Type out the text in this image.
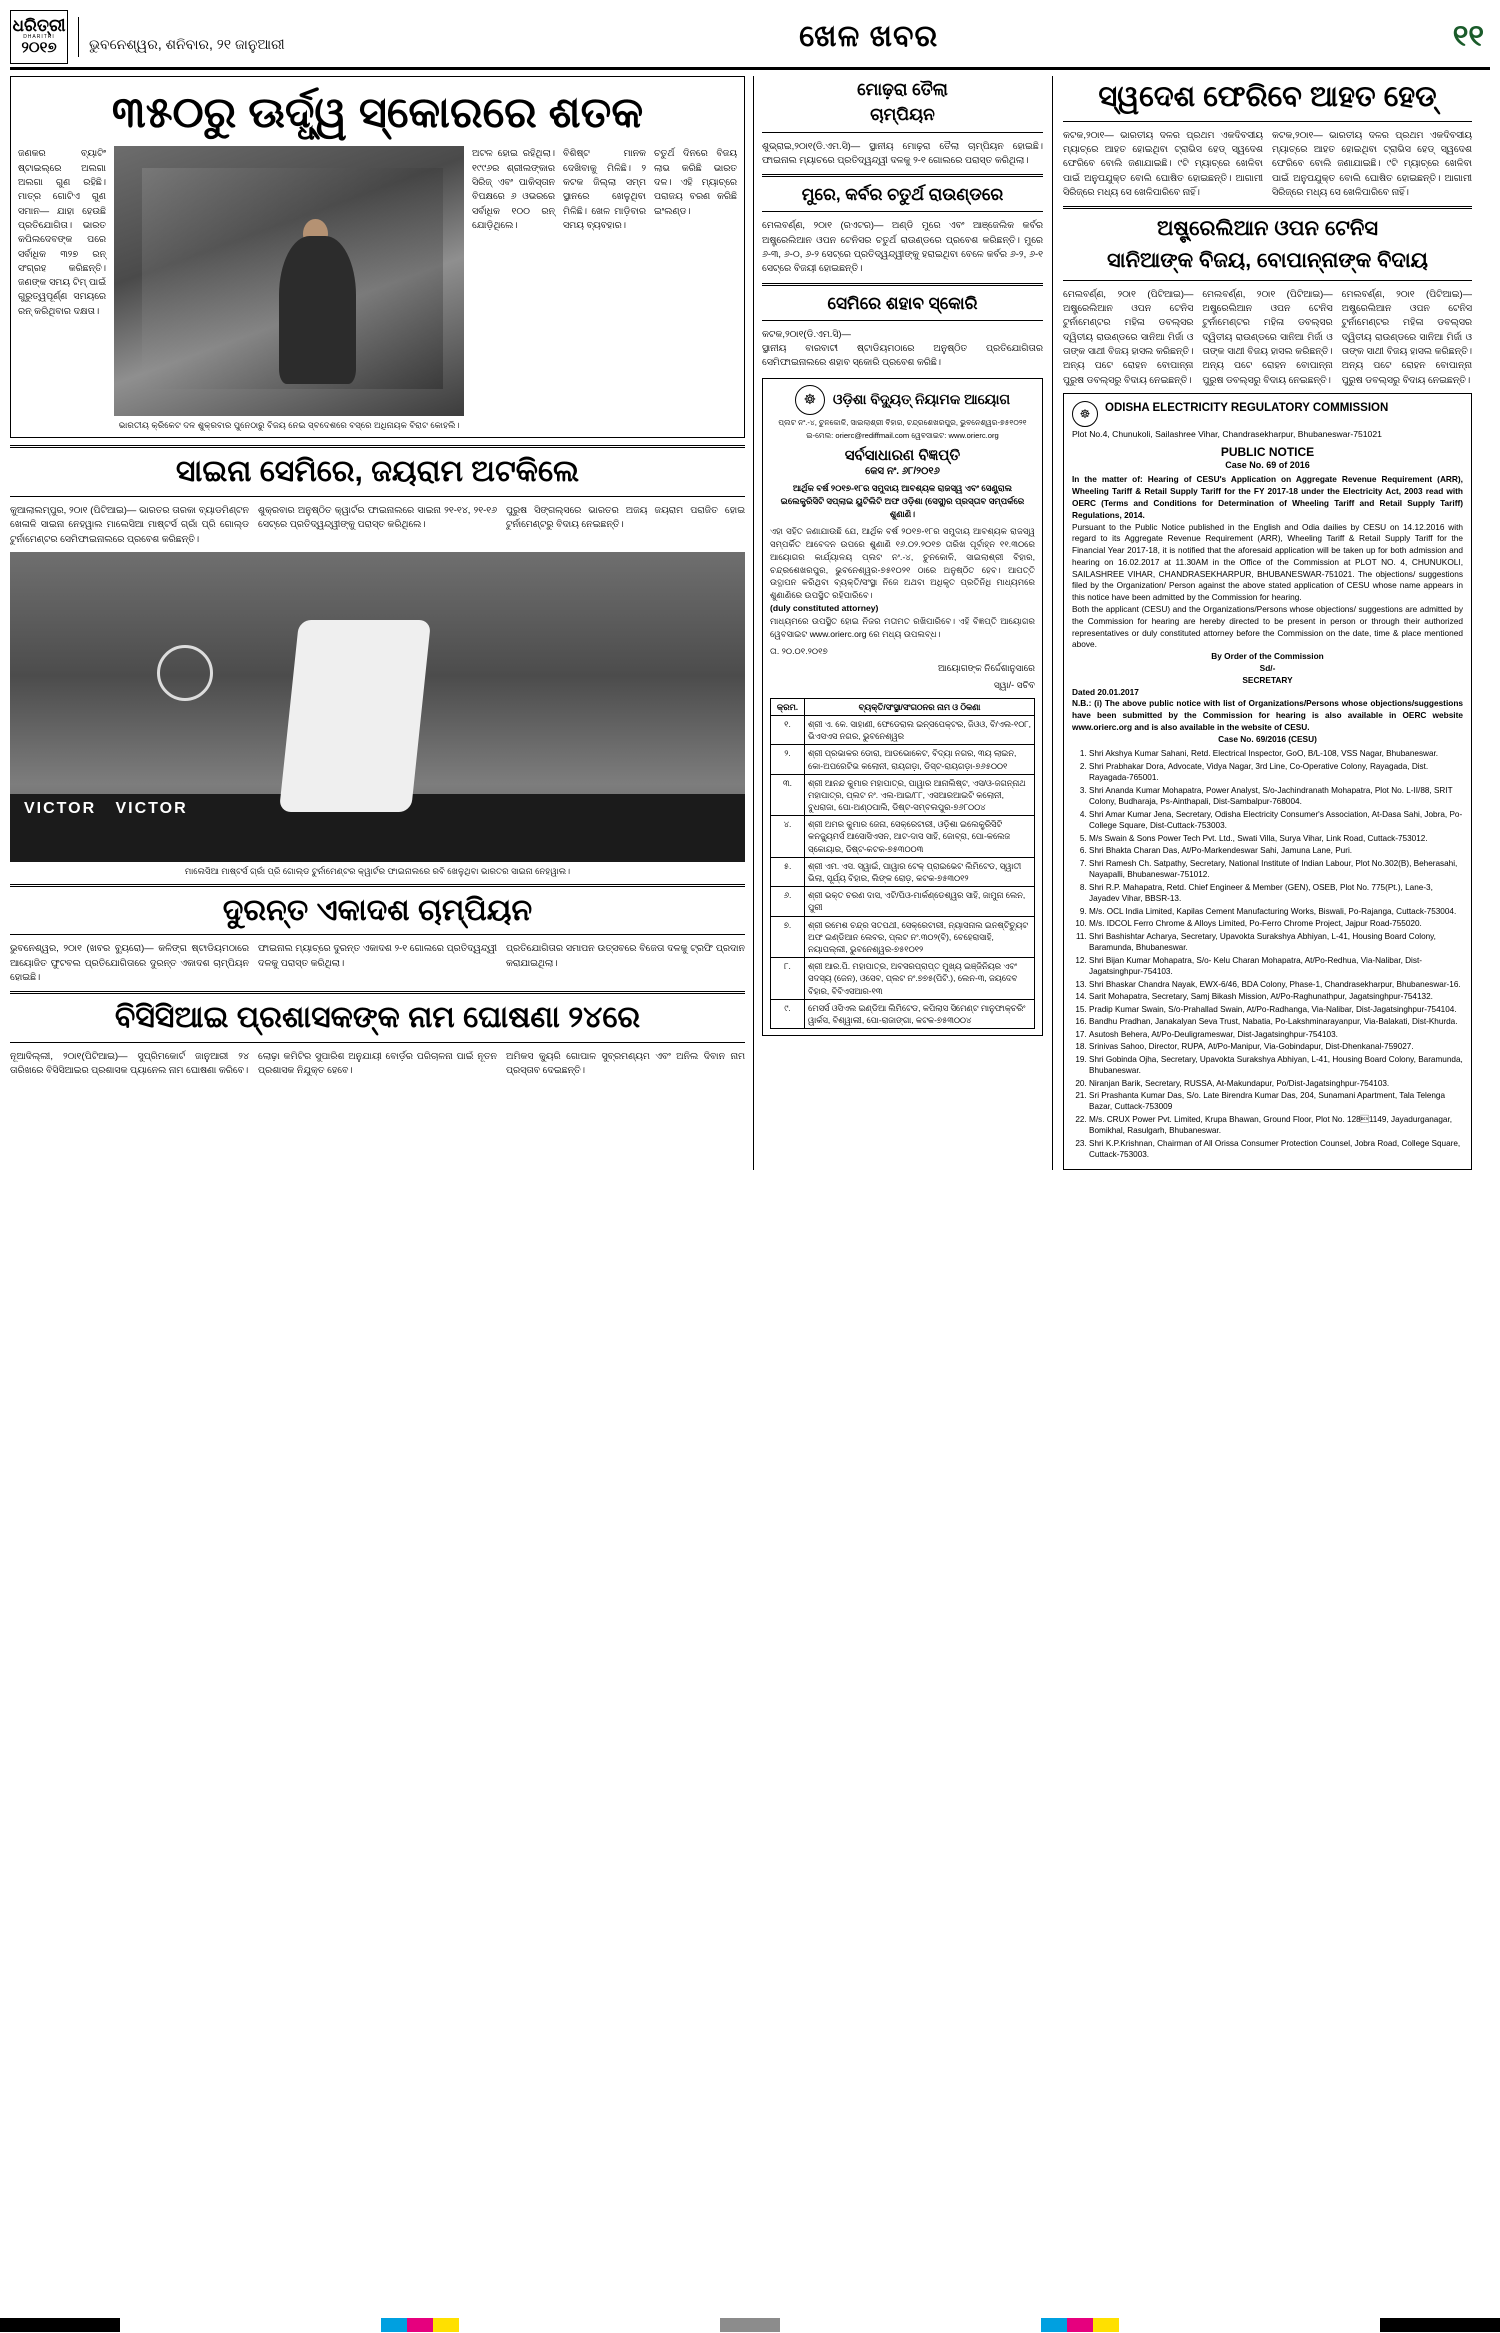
ଧରିତ୍ରୀ
DHARITRI
୨୦୧୭	ଭୁବନେଶ୍ୱର, ଶନିବାର, ୨୧ ଜାନୁଆରୀ	ଖେଳ ଖବର	୧୧
୩୫୦ରୁ ଊର୍ଦ୍ଧ୍ୱ ସ୍କୋରରେ ଶତକ
ଜଣକର ବ୍ୟାଟିଂ ଷ୍ଟାଇଲ୍‌ରେ ଅଲଗା ଅଲଗା ଗୁଣ ରହିଛି। ମାତ୍ର ଗୋଟିଏ ଗୁଣ ସମାନ— ଯାହା ହେଉଛି ପ୍ରତିଯୋଗିତା। ଭାରତ କପିଲଦେବଙ୍କ ପରେ ସର୍ବାଧିକ ୩୨୭ ରନ୍‌ ସଂଗ୍ରହ କରିଛନ୍ତି। ଜଣଙ୍କ ସମୟ ଟିମ୍‌ ପାଇଁ ଗୁରୁତ୍ୱପୂର୍ଣ୍ଣ ସମୟରେ ରନ୍‌ କରିଥିବାର ଦକ୍ଷତା।
ଭାରତୀୟ କ୍ରିକେଟ ଦଳ ଶୁକ୍ରବାର ପୁନେଠାରୁ ବିଜୟ ନେଇ ସ୍ବଦେଶରେ ବସ୍‌ରେ ଅଧିନାୟକ ବିରାଟ କୋହଲି।
ଅଟଳ ହୋଇ ରହିଥିଲା। ୧୯୯୬ର ଶ୍ରୀଲଙ୍କାର ସିରିଜ୍‌ ଏବଂ ପାକିସ୍ତାନ ବିପକ୍ଷରେ ୬ ଓଭରରେ ସର୍ବାଧିକ ୧୦୦ ରନ୍‌ ଯୋଡ଼ିଥିଲେ।
ବିଶିଷ୍ଟ ମାନକ ଦେଖିବାକୁ ମିଳିଛି। ୨ କଟକ ଜିଲ୍ଲା ସମ୍ମ ସ୍ଥାନରେ ଖେଳୁଥିବା ମିଳିଛି। ଖେଳ ମାଡ଼ିବାର ସମୟ ବ୍ୟବହାର।
ଚତୁର୍ଥ ଦିନରେ ବିଜୟ ଲାଭ କରିଛି ଭାରତ ଦଳ। ଏହି ମ୍ୟାଚ୍‌ରେ ପରାଜୟ ବରଣ କରିଛି ଇଂଲଣ୍ଡ।
ସାଇନା ସେମିରେ, ଜୟରାମ ଅଟକିଲେ
କୁଆଲାଲମ୍ପୁର, ୨୦ା୧ (ପିଟିଆଇ)— ଭାରତର ତାରକା ବ୍ୟାଡମିଣ୍ଟନ ଖେଳାଳି ସାଇନା ନେହୱାଲ ମାଲେସିଆ ମାଷ୍ଟର୍ସ ଗ୍ରାଁ ପ୍ରି ଗୋଲ୍ଡ ଟୁର୍ନାମେଣ୍ଟର ସେମିଫାଇନାଲରେ ପ୍ରବେଶ କରିଛନ୍ତି।
ଶୁକ୍ରବାର ଅନୁଷ୍ଠିତ କ୍ୱାର୍ଟର ଫାଇନାଲରେ ସାଇନା ୨୧-୧୪, ୨୧-୧୬ ସେଟ୍‌ରେ ପ୍ରତିଦ୍ୱନ୍ଦ୍ୱୀଙ୍କୁ ପରାସ୍ତ କରିଥିଲେ।
ପୁରୁଷ ସିଙ୍ଗଲ୍ସରେ ଭାରତର ଅଜୟ ଜୟରାମ ପରାଜିତ ହୋଇ ଟୁର୍ନାମେଣ୍ଟରୁ ବିଦାୟ ନେଇଛନ୍ତି।
VICTOR   VICTOR
ମାଲେସିଆ ମାଷ୍ଟର୍ସ ଗ୍ରାଁ ପ୍ରି ଗୋଲ୍ଡ ଟୁର୍ନାମେଣ୍ଟର କ୍ୱାର୍ଟର ଫାଇନାଲରେ ରବି ଖେଳୁଥିବା ଭାରତର ସାଇନା ନେହୱାଲ।
ଦୁରନ୍ତ ଏକାଦଶ ଚାମ୍ପିୟନ
ଭୁବନେଶ୍ୱର, ୨୦ା୧ (ଖବର ବ୍ୟୁରୋ)— କଳିଙ୍ଗ ଷ୍ଟାଡିୟମଠାରେ ଆୟୋଜିତ ଫୁଟବଲ ପ୍ରତିଯୋଗିତାରେ ଦୁରନ୍ତ ଏକାଦଶ ଚାମ୍ପିୟନ ହୋଇଛି।
ଫାଇନାଲ ମ୍ୟାଚ୍‌ରେ ଦୁରନ୍ତ ଏକାଦଶ ୨-୧ ଗୋଲରେ ପ୍ରତିଦ୍ୱନ୍ଦ୍ୱୀ ଦଳକୁ ପରାସ୍ତ କରିଥିଲା।
ପ୍ରତିଯୋଗିତାର ସମାପନ ଉତ୍ସବରେ ବିଜେତା ଦଳକୁ ଟ୍ରଫି ପ୍ରଦାନ କରାଯାଇଥିଲା।
ବିସିସିଆଇ ପ୍ରଶାସକଙ୍କ ନାମ ଘୋଷଣା ୨୪ରେ
ନୂଆଦିଲ୍ଲୀ, ୨୦ା୧(ପିଟିଆଇ)— ସୁପ୍ରିମକୋର୍ଟ ଜାନୁଆରୀ ୨୪ ତାରିଖରେ ବିସିସିଆଇର ପ୍ରଶାସକ ପ୍ୟାନେଲ ନାମ ଘୋଷଣା କରିବେ।
ଲୋଢ଼ା କମିଟିର ସୁପାରିଶ ଅନୁଯାୟୀ ବୋର୍ଡ଼ର ପରିଚାଳନା ପାଇଁ ନୂତନ ପ୍ରଶାସକ ନିଯୁକ୍ତ ହେବେ।
ଅମିକସ କ୍ୟୁରି ଗୋପାଳ ସୁବ୍ରମଣ୍ୟମ ଏବଂ ଅନିଲ ଦିବାନ ନାମ ପ୍ରସ୍ତାବ ଦେଇଛନ୍ତି।
ମୋଢ଼ରା ତୈଲା
ଚାମ୍ପିୟନ
ଶୁଭ୍ରାଇ,୨୦ା୧(ଡି.ଏମ.ସି)— ସ୍ଥାନୀୟ ମୋଢ଼ରା ତୈଲା ଚାମ୍ପିୟନ ହୋଇଛି। ଫାଇନାଲ ମ୍ୟାଚରେ ପ୍ରତିଦ୍ୱନ୍ଦ୍ୱୀ ଦଳକୁ ୨-୧ ଗୋଲରେ ପରାସ୍ତ କରିଥିଲା।
ମୁରେ, କର୍ବର ଚତୁର୍ଥ ରାଉଣ୍ଡରେ
ମେଲବର୍ଣ୍ଣ, ୨୦ା୧ (ରଏଟର)— ଅଣ୍ଡି ମୁରେ ଏବଂ ଆଞ୍ଜେଲିକ କର୍ବର ଅଷ୍ଟ୍ରେଲିଆନ ଓପନ ଟେନିସର ଚତୁର୍ଥ ରାଉଣ୍ଡରେ ପ୍ରବେଶ କରିଛନ୍ତି। ମୁରେ ୬-୩, ୬-୦, ୬-୨ ସେଟ୍‌ରେ ପ୍ରତିଦ୍ୱନ୍ଦ୍ୱୀଙ୍କୁ ହରାଇଥିବା ବେଳେ କର୍ବର ୬-୨, ୬-୧ ସେଟ୍‌ରେ ବିଜୟୀ ହୋଇଛନ୍ତି।
ସେମିରେ ଶହାବ ସ୍କୋରି
କଟକ,୨୦ା୧(ଡି.ଏମ.ସି)—
ସ୍ଥାନୀୟ ବାରବାଟୀ ଷ୍ଟାଡିୟମଠାରେ ଅନୁଷ୍ଠିତ ପ୍ରତିଯୋଗିତାର ସେମିଫାଇନାଲରେ ଶହାବ ସ୍କୋରି ପ୍ରବେଶ କରିଛି।
☸	ଓଡ଼ିଶା ବିଦ୍ୟୁତ୍ ନିୟାମକ ଆୟୋଗ
ପ୍ଲଟ ନଂ.-୪, ଚୁନକୋଳି, ସାଇଲାଶ୍ରୀ ବିହାର, ଚନ୍ଦ୍ରଶେଖରପୁର, ଭୁବନେଶ୍ୱର-୭୫୧୦୨୧
ଇ-ମେଲ: orierc@rediffmail.com ୱେବସାଇଟ: www.orierc.org
ସର୍ବସାଧାରଣ ବିଜ୍ଞପ୍ତି
କେସ ନଂ. ୬୮/୨୦୧୬
ଆର୍ଥିକ ବର୍ଷ ୨୦୧୭-୧୮ର ସମୁଦାୟ ଆବଶ୍ୟକ ରାଜସ୍ୱ ଏବଂ ସେଣ୍ଟ୍ରାଲ ଇଲେକ୍ଟ୍ରିସିଟି ସପ୍ଲାଇ ୟୁଟିଲିଟି ଅଫ ଓଡ଼ିଶା (ସେସୁ)ର ପ୍ରସ୍ତାବ ସମ୍ପର୍କରେ ଶୁଣାଣି।
ଏହା ସହିତ ଜଣାଯାଉଛି ଯେ, ଆର୍ଥିକ ବର୍ଷ ୨୦୧୭-୧୮ର ସମୁଦାୟ ଆବଶ୍ୟକ ରାଜସ୍ୱ ସମ୍ପର୍କିତ ଆବେଦନ ଉପରେ ଶୁଣାଣି ୧୬.୦୨.୨୦୧୭ ତାରିଖ ପୂର୍ବାହ୍ନ ୧୧.୩୦ରେ ଆୟୋଗର କାର୍ଯ୍ୟାଳୟ ପ୍ଲଟ ନଂ.-୪, ଚୁନକୋଳି, ସାଇଲାଶ୍ରୀ ବିହାର, ଚନ୍ଦ୍ରଶେଖରପୁର, ଭୁବନେଶ୍ୱର-୭୫୧୦୨୧ ଠାରେ ଅନୁଷ୍ଠିତ ହେବ। ଆପତ୍ତି ଉତ୍ଥାପନ କରିଥିବା ବ୍ୟକ୍ତି/ସଂସ୍ଥା ନିଜେ ଅଥବା ଅଧିକୃତ ପ୍ରତିନିଧି ମାଧ୍ୟମରେ ଶୁଣାଣିରେ ଉପସ୍ଥିତ ରହିପାରିବେ।
(duly constituted attorney)
ମାଧ୍ୟମରେ ଉପସ୍ଥିତ ହୋଇ ନିଜର ମତାମତ ରଖିପାରିବେ। ଏହି ବିଜ୍ଞପ୍ତି ଆୟୋଗର ୱେବସାଇଟ www.orierc.org ରେ ମଧ୍ୟ ଉପଲବ୍ଧ।
ତା. ୨୦.୦୧.୨୦୧୭
ଆୟୋଗଙ୍କ ନିର୍ଦ୍ଦେଶାନୁସାରେ
ସ୍ୱା/- ସଚିବ
କ୍ରମ.	ବ୍ୟକ୍ତି/ସଂସ୍ଥା/ସଂଗଠନର ନାମ ଓ ଠିକଣା
୧.	ଶ୍ରୀ ଏ. କେ. ସାହାଣୀ, ଫେଡେରାଲ ଇନ୍ସପେକ୍ଟର, ଜିଓଓ, ବି/ଏଲ-୧୦୮, ଭିଏସଏସ ନଗର, ଭୁବନେଶ୍ୱର
୨.	ଶ୍ରୀ ପ୍ରଭାକର ଡୋରା, ଆଡଭୋକେଟ, ବିଦ୍ୟା ନଗର, ୩ୟ ଲାଇନ, କୋ-ଅପରେଟିଭ କଲୋନୀ, ରାୟଗଡ଼ା, ଡିସ୍ଟ-ରାୟଗଡ଼ା-୭୬୫୦୦୧
୩.	ଶ୍ରୀ ଆନନ୍ଦ କୁମାର ମହାପାତ୍ର, ପାୱାର ଆନାଲିଷ୍ଟ, ଏସ/ଓ-ଜଗନ୍ନାଥ ମହାପାତ୍ର, ପ୍ଲଟ ନଂ. ଏଲ-ଆଇ/୮୮, ଏସଆରଆଇଟି କଲୋନୀ, ବୁଧରାଜା, ପୋ-ଅଣ୍ଠପାଲି, ଡିଷ୍ଟ-ସମ୍ବଲପୁର-୭୬୮୦୦୪
୪.	ଶ୍ରୀ ଅମର କୁମାର ଜେନା, ସେକ୍ରେଟାରୀ, ଓଡ଼ିଶା ଇଲେକ୍ଟ୍ରିସିଟି କନଜ୍ୟୁମର୍ସ ଆସୋସିଏସନ, ଆଟ-ଦାସ ସାହି, ଜୋବ୍ରା, ପୋ-କଲେଜ ସ୍କୋୟାର, ଡିଷ୍ଟ-କଟକ-୭୫୩୦୦୩
୫.	ଶ୍ରୀ ଏମ. ଏସ. ସ୍ୱାଇଁ, ପାୱାର ଟେକ୍ ପ୍ରାଇଭେଟ ଲିମିଟେଡ, ସ୍ୱାତୀ ଭିଲା, ସୂର୍ଯ୍ୟ ବିହାର, ଲିଙ୍କ ରୋଡ଼, କଟକ-୭୫୩୦୧୨
୬.	ଶ୍ରୀ ଭକ୍ତ ଚରଣ ଦାସ, ଏଟି/ପିଓ-ମାର୍କଣ୍ଡେଶ୍ୱର ସାହି, ଜାମୁନା ଲେନ, ପୁରୀ
୭.	ଶ୍ରୀ ରମେଶ ଚନ୍ଦ୍ର ସତପଥୀ, ସେକ୍ରେଟାରୀ, ନ୍ୟାସନାଲ ଇନଷ୍ଟିଚ୍ୟୁଟ ଅଫ ଇଣ୍ଡିଆନ ଲେବର, ପ୍ଲଟ ନଂ.୩୦୨(ବି), ବେହେରାସାହି, ନୟାପଲ୍ଲୀ, ଭୁବନେଶ୍ୱର-୭୫୧୦୧୨
୮.	ଶ୍ରୀ ଆର.ପି. ମହାପାତ୍ର, ଅବସରପ୍ରାପ୍ତ ମୁଖ୍ୟ ଇଞ୍ଜିନିୟର ଏବଂ ସଦସ୍ୟ (ଜେନ), ଓସେବ, ପ୍ଲଟ ନଂ.୭୭୫(ପିଟି.), ଲେନ-୩, ଜୟଦେବ ବିହାର, ବିବିଏସଆର-୧୩
୯.	ମେସର୍ସ ଓସିଏଲ ଇଣ୍ଡିଆ ଲିମିଟେଡ, କପିଲାସ ସିମେଣ୍ଟ ମାନୁଫାକ୍ଚରିଂ ୱାର୍କସ, ବିଶ୍ୱାଲୀ, ପୋ-ରାଜାଙ୍ଗା, କଟକ-୭୫୩୦୦୪
ସ୍ୱଦେଶ ଫେରିବେ ଆହତ ହେଡ୍‌
କଟକ,୨୦ା୧— ଭାରତୀୟ ଦଳର ପ୍ରଥମ ଏକଦିବସୀୟ ମ୍ୟାଚ୍‌ରେ ଆହତ ହୋଇଥିବା ଟ୍ରାଭିସ ହେଡ୍‌ ସ୍ୱଦେଶ ଫେରିବେ ବୋଲି ଜଣାଯାଇଛି। ୯ଟି ମ୍ୟାଚ୍‌ରେ ଖେଳିବା ପାଇଁ ଅନୁପଯୁକ୍ତ ବୋଲି ଘୋଷିତ ହୋଇଛନ୍ତି। ଆଗାମୀ ସିରିଜ୍‌ରେ ମଧ୍ୟ ସେ ଖେଳିପାରିବେ ନାହିଁ।
କଟକ,୨୦ା୧— ଭାରତୀୟ ଦଳର ପ୍ରଥମ ଏକଦିବସୀୟ ମ୍ୟାଚ୍‌ରେ ଆହତ ହୋଇଥିବା ଟ୍ରାଭିସ ହେଡ୍‌ ସ୍ୱଦେଶ ଫେରିବେ ବୋଲି ଜଣାଯାଇଛି। ୯ଟି ମ୍ୟାଚ୍‌ରେ ଖେଳିବା ପାଇଁ ଅନୁପଯୁକ୍ତ ବୋଲି ଘୋଷିତ ହୋଇଛନ୍ତି। ଆଗାମୀ ସିରିଜ୍‌ରେ ମଧ୍ୟ ସେ ଖେଳିପାରିବେ ନାହିଁ।
ଅଷ୍ଟ୍ରେଲିଆନ ଓପନ ଟେନିସ
ସାନିଆଙ୍କ ବିଜୟ, ବୋପାନ୍ନାଙ୍କ ବିଦାୟ
ମେଲବର୍ଣ୍ଣ, ୨୦ା୧ (ପିଟିଆଇ)— ଅଷ୍ଟ୍ରେଲିଆନ ଓପନ ଟେନିସ ଟୁର୍ନାମେଣ୍ଟର ମହିଳା ଡବଲ୍ସର ଦ୍ୱିତୀୟ ରାଉଣ୍ଡରେ ସାନିଆ ମିର୍ଜା ଓ ତାଙ୍କ ସାଥୀ ବିଜୟ ହାସଲ କରିଛନ୍ତି। ଅନ୍ୟ ପଟେ ରୋହନ ବୋପାନ୍ନା ପୁରୁଷ ଡବଲ୍ସରୁ ବିଦାୟ ନେଇଛନ୍ତି।
ମେଲବର୍ଣ୍ଣ, ୨୦ା୧ (ପିଟିଆଇ)— ଅଷ୍ଟ୍ରେଲିଆନ ଓପନ ଟେନିସ ଟୁର୍ନାମେଣ୍ଟର ମହିଳା ଡବଲ୍ସର ଦ୍ୱିତୀୟ ରାଉଣ୍ଡରେ ସାନିଆ ମିର୍ଜା ଓ ତାଙ୍କ ସାଥୀ ବିଜୟ ହାସଲ କରିଛନ୍ତି। ଅନ୍ୟ ପଟେ ରୋହନ ବୋପାନ୍ନା ପୁରୁଷ ଡବଲ୍ସରୁ ବିଦାୟ ନେଇଛନ୍ତି।
ମେଲବର୍ଣ୍ଣ, ୨୦ା୧ (ପିଟିଆଇ)— ଅଷ୍ଟ୍ରେଲିଆନ ଓପନ ଟେନିସ ଟୁର୍ନାମେଣ୍ଟର ମହିଳା ଡବଲ୍ସର ଦ୍ୱିତୀୟ ରାଉଣ୍ଡରେ ସାନିଆ ମିର୍ଜା ଓ ତାଙ୍କ ସାଥୀ ବିଜୟ ହାସଲ କରିଛନ୍ତି। ଅନ୍ୟ ପଟେ ରୋହନ ବୋପାନ୍ନା ପୁରୁଷ ଡବଲ୍ସରୁ ବିଦାୟ ନେଇଛନ୍ତି।
☸	ODISHA ELECTRICITY REGULATORY COMMISSION
Plot No.4, Chunukoli, Sailashree Vihar, Chandrasekharpur, Bhubaneswar-751021
PUBLIC NOTICE
Case No. 69 of 2016
In the matter of: Hearing of CESU's Application on Aggregate Revenue Requirement (ARR), Wheeling Tariff & Retail Supply Tariff for the FY 2017-18 under the Electricity Act, 2003 read with OERC (Terms and Conditions for Determination of Wheeling Tariff and Retail Supply Tariff) Regulations, 2014.
Pursuant to the Public Notice published in the English and Odia dailies by CESU on 14.12.2016 with regard to its Aggregate Revenue Requirement (ARR), Wheeling Tariff & Retail Supply Tariff for the Financial Year 2017-18, it is notified that the aforesaid application will be taken up for both admission and hearing on 16.02.2017 at 11.30AM in the Office of the Commission at PLOT NO. 4, CHUNUKOLI, SAILASHREE VIHAR, CHANDRASEKHARPUR, BHUBANESWAR-751021. The objections/ suggestions filed by the Organization/ Person against the above stated application of CESU whose name appears in this notice have been admitted by the Commission for hearing.
Both the applicant (CESU) and the Organizations/Persons whose objections/ suggestions are admitted by the Commission for hearing are hereby directed to be present in person or through their authorized representatives or duly constituted attorney before the Commission on the date, time & place mentioned above.
By Order of the Commission
Sd/-
SECRETARY
Dated 20.01.2017
N.B.: (i) The above public notice with list of Organizations/Persons whose objections/suggestions have been submitted by the Commission for hearing is also available in OERC website www.orierc.org and is also available in the website of CESU.
Case No. 69/2016 (CESU)
1. Shri Akshya Kumar Sahani, Retd. Electrical Inspector, GoO, B/L-108, VSS Nagar, Bhubaneswar.
2. Shri Prabhakar Dora, Advocate, Vidya Nagar, 3rd Line, Co-Operative Colony, Rayagada, Dist. Rayagada-765001.
3. Shri Ananda Kumar Mohapatra, Power Analyst, S/o-Jachindranath Mohapatra, Plot No. L-II/88, SRIT Colony, Budharaja, Ps-Ainthapali, Dist-Sambalpur-768004.
4. Shri Amar Kumar Jena, Secretary, Odisha Electricity Consumer's Association, At-Dasa Sahi, Jobra, Po-College Square, Dist-Cuttack-753003.
5. M/s Swain & Sons Power Tech Pvt. Ltd., Swati Villa, Surya Vihar, Link Road, Cuttack-753012.
6. Shri Bhakta Charan Das, At/Po-Markendeswar Sahi, Jamuna Lane, Puri.
7. Shri Ramesh Ch. Satpathy, Secretary, National Institute of Indian Labour, Plot No.302(B), Beherasahi, Nayapalli, Bhubaneswar-751012.
8. Shri R.P. Mahapatra, Retd. Chief Engineer & Member (GEN), OSEB, Plot No. 775(Pt.), Lane-3, Jayadev Vihar, BBSR-13.
9. M/s. OCL India Limited, Kapilas Cement Manufacturing Works, Biswali, Po-Rajanga, Cuttack-753004.
10. M/s. IDCOL Ferro Chrome & Alloys Limited, Po-Ferro Chrome Project, Jajpur Road-755020.
11. Shri Bashishtar Acharya, Secretary, Upavokta Surakshya Abhiyan, L-41, Housing Board Colony, Baramunda, Bhubaneswar.
12. Shri Bijan Kumar Mohapatra, S/o- Kelu Charan Mohapatra, At/Po-Redhua, Via-Nalibar, Dist-Jagatsinghpur-754103.
13. Shri Bhaskar Chandra Nayak, EWX-6/46, BDA Colony, Phase-1, Chandrasekharpur, Bhubaneswar-16.
14. Sarit Mohapatra, Secretary, Samj Bikash Mission, At/Po-Raghunathpur, Jagatsinghpur-754132.
15. Pradip Kumar Swain, S/o-Prahallad Swain, At/Po-Radhanga, Via-Nalibar, Dist-Jagatsinghpur-754104.
16. Bandhu Pradhan, Janakalyan Seva Trust, Nabatia, Po-Lakshminarayanpur, Via-Balakati, Dist-Khurda.
17. Asutosh Behera, At/Po-Deuligrameswar, Dist-Jagatsinghpur-754103.
18. Srinivas Sahoo, Director, RUPA, At/Po-Manipur, Via-Gobindapur, Dist-Dhenkanal-759027.
19. Shri Gobinda Ojha, Secretary, Upavokta Surakshya Abhiyan, L-41, Housing Board Colony, Baramunda, Bhubaneswar.
20. Niranjan Barik, Secretary, RUSSA, At-Makundapur, Po/Dist-Jagatsinghpur-754103.
21. Sri Prashanta Kumar Das, S/o. Late Birendra Kumar Das, 204, Sunamani Apartment, Tala Telenga Bazar, Cuttack-753009
22. M/s. CRUX Power Pvt. Limited, Krupa Bhawan, Ground Floor, Plot No. 1281149, Jayadurganagar, Bomikhal, Rasulgarh, Bhubaneswar.
23. Shri K.P.Krishnan, Chairman of All Orissa Consumer Protection Counsel, Jobra Road, College Square, Cuttack-753003.
